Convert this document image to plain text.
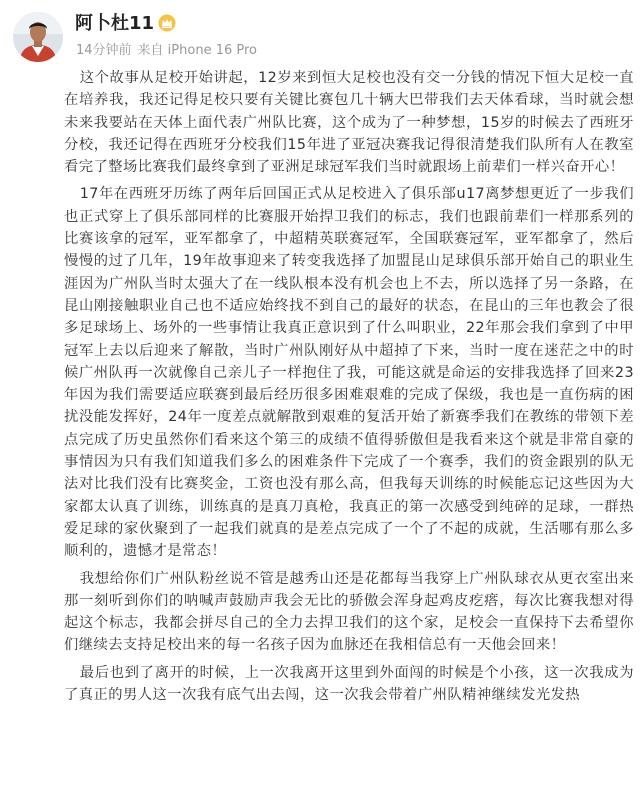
阿卜杜11
14分钟前 来自 iPhone 16 Pro

这个故事从足校开始讲起，12岁来到恒大足校也没有交一分钱的情况下恒大足校一直在培养我，我还记得足校只要有关键比赛包几十辆大巴带我们去天体看球，当时就会想未来我要站在天体上面代表广州队比赛，这个成为了一种梦想，15岁的时候去了西班牙分校，我还记得在西班牙分校我们15年进了亚冠决赛我记得很清楚我们队所有人在教室看完了整场比赛我们最终拿到了亚洲足球冠军我们当时就跟场上前辈们一样兴奋开心！

17年在西班牙历练了两年后回国正式从足校进入了俱乐部u17离梦想更近了一步我们也正式穿上了俱乐部同样的比赛服开始捍卫我们的标志，我们也跟前辈们一样那系列的比赛该拿的冠军，亚军都拿了，中超精英联赛冠军，全国联赛冠军，亚军都拿了，然后慢慢的过了几年，19年故事迎来了转变我选择了加盟昆山足球俱乐部开始自己的职业生涯因为广州队当时太强大了在一线队根本没有机会也上不去，所以选择了另一条路，在昆山刚接触职业自己也不适应始终找不到自己的最好的状态，在昆山的三年也教会了很多足球场上、场外的一些事情让我真正意识到了什么叫职业，22年那会我们拿到了中甲冠军上去以后迎来了解散，当时广州队刚好从中超掉了下来，当时一度在迷茫之中的时候广州队再一次就像自己亲儿子一样抱住了我，可能这就是命运的安排我选择了回来23年因为我们需要适应联赛到最后经历很多困难艰难的完成了保级，我也是一直伤病的困扰没能发挥好，24年一度差点就解散到艰难的复活开始了新赛季我们在教练的带领下差点完成了历史虽然你们看来这个第三的成绩不值得骄傲但是我看来这个就是非常自豪的事情因为只有我们知道我们多么的困难条件下完成了一个赛季，我们的资金跟别的队无法对比我们没有比赛奖金，工资也没有那么高，但我每天训练的时候能忘记这些因为大家都太认真了训练，训练真的是真刀真枪，我真正的第一次感受到纯碎的足球，一群热爱足球的家伙聚到了一起我们就真的是差点完成了一个了不起的成就，生活哪有那么多顺利的，遗憾才是常态！

我想给你们广州队粉丝说不管是越秀山还是花都每当我穿上广州队球衣从更衣室出来那一刻听到你们的呐喊声鼓励声我会无比的骄傲会浑身起鸡皮疙瘩，每次比赛我想对得起这个标志，我都会拼尽自己的全力去捍卫我们的这个家，足校会一直保持下去希望你们继续去支持足校出来的每一名孩子因为血脉还在我相信总有一天他会回来！

最后也到了离开的时候，上一次我离开这里到外面闯的时候是个小孩，这一次我成为了真正的男人这一次我有底气出去闯，这一次我会带着广州队精神继续发光发热
